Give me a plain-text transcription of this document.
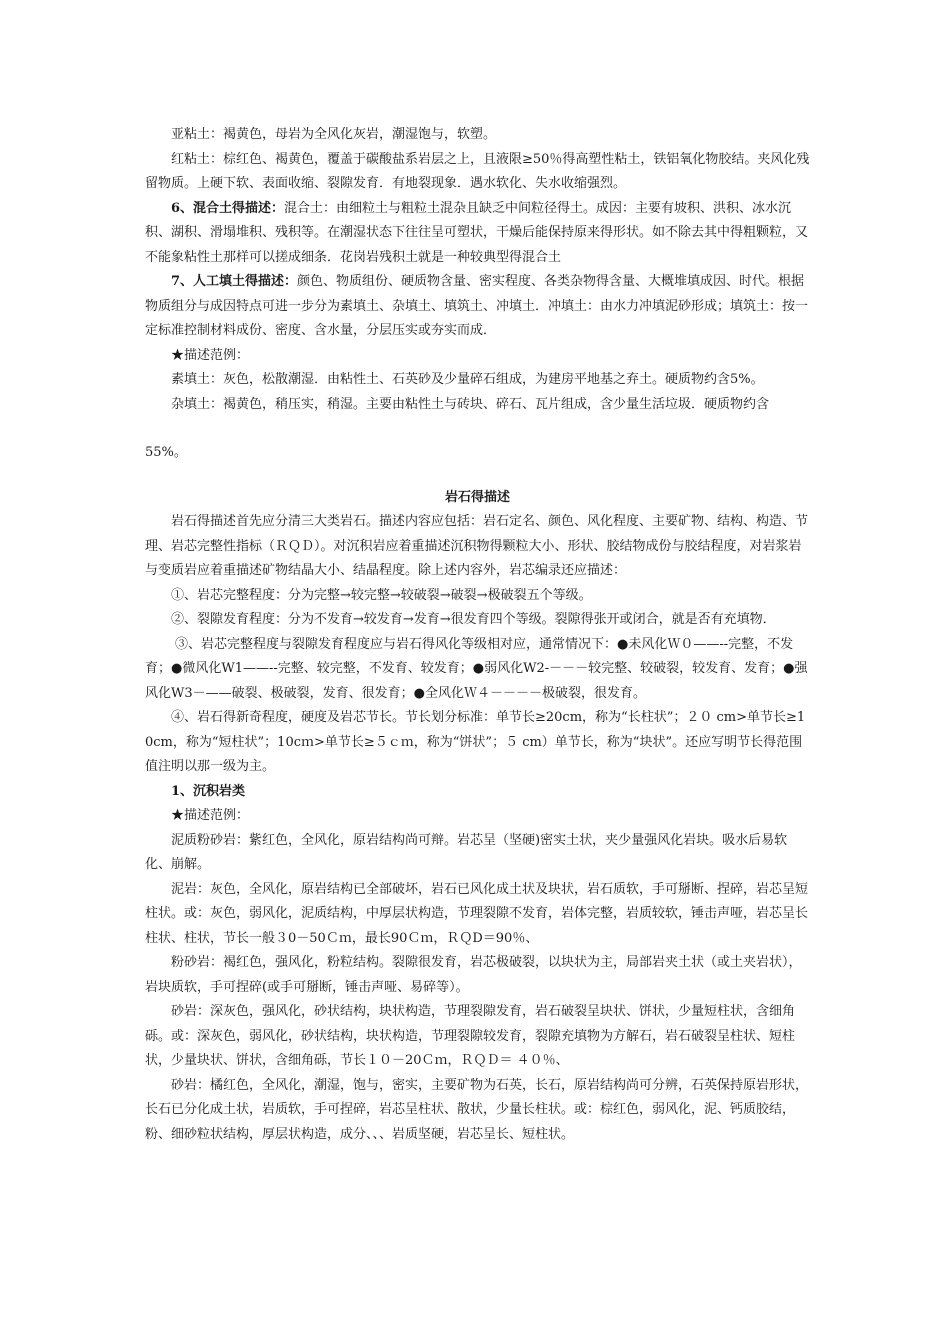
亚粘土：褐黄色，母岩为全风化灰岩，潮湿饱与，软塑。

红粘土：棕红色、褐黄色，覆盖于碳酸盐系岩层之上，且液限≥50％得高塑性粘土，铁铝氧化物胶结。夹风化残留物质。上硬下软、表面收缩、裂隙发育．有地裂现象．遇水软化、失水收缩强烈。

6、混合土得描述：混合土：由细粒土与粗粒土混杂且缺乏中间粒径得土。成因：主要有坡积、洪积、冰水沉积、湖积、滑塌堆积、残积等。在潮湿状态下往往呈可塑状，干燥后能保持原来得形状。如不除去其中得粗颗粒，又不能象粘性土那样可以搓成细条．花岗岩残积土就是一种较典型得混合土

7、人工填土得描述：颜色、物质组份、硬质物含量、密实程度、各类杂物得含量、大概堆填成因、时代。根据物质组分与成因特点可进一步分为素填土、杂填土、填筑土、冲填土．冲填土：由水力冲填泥砂形成；填筑土：按一定标准控制材料成份、密度、含水量，分层压实或夯实而成．

★描述范例：

素填土：灰色，松散潮湿．由粘性土、石英砂及少量碎石组成，为建房平地基之弃土。硬质物约含5%。

杂填土：褐黄色，稍压实，稍湿。主要由粘性土与砖块、碎石、瓦片组成，含少量生活垃圾．硬质物约含

55%。

岩石得描述

岩石得描述首先应分清三大类岩石。描述内容应包括：岩石定名、颜色、风化程度、主要矿物、结构、构造、节理、岩芯完整性指标（ＲＱＤ）。对沉积岩应着重描述沉积物得颗粒大小、形状、胶结物成份与胶结程度，对岩浆岩与变质岩应着重描述矿物结晶大小、结晶程度。除上述内容外，岩芯编录还应描述：

①、岩芯完整程度：分为完整→较完整→较破裂→破裂→极破裂五个等级。

②、裂隙发育程度：分为不发育→较发育→发育→很发育四个等级。裂隙得张开或闭合，就是否有充填物．

③、岩芯完整程度与裂隙发育程度应与岩石得风化等级相对应，通常情况下：●未风化Ｗ０——--完整，不发育；●微风化W1——--完整、较完整，不发育、较发育；●弱风化W2-－－－较完整、较破裂，较发育、发育；●强风化W3－——破裂、极破裂，发育、很发育；●全风化Ｗ４－－－－极破裂，很发育。

④、岩石得新奇程度，硬度及岩芯节长。节长划分标准：单节长≥20cm，称为“长柱状”；２０ cm>单节长≥10cm，称为“短柱状”；10cｍ>单节长≥５ｃｍ，称为“饼状”；５ cm）单节长，称为“块状”。还应写明节长得范围值注明以那一级为主。

1、沉积岩类

★描述范例：

泥质粉砂岩：紫红色，全风化，原岩结构尚可辩。岩芯呈（坚硬)密实土状，夹少量强风化岩块。吸水后易软化、崩解。

泥岩：灰色，全风化，原岩结构已全部破坏，岩石已风化成土状及块状，岩石质软，手可掰断、捏碎，岩芯呈短柱状。或：灰色，弱风化，泥质结构，中厚层状构造，节理裂隙不发育，岩体完整，岩质较软，锤击声哑，岩芯呈长柱状、柱状，节长一般３0－50Ｃｍ，最长90Ｃｍ，ＲＱD＝90％、

粉砂岩：褐红色，强风化，粉粒结构。裂隙很发育，岩芯极破裂，以块状为主，局部岩夹土状（或土夹岩状），岩块质软，手可捏碎(或手可掰断，锤击声哑、易碎等）。

砂岩：深灰色，强风化，砂状结构，块状构造，节理裂隙发育，岩石破裂呈块状、饼状，少量短柱状，含细角砾。或：深灰色，弱风化，砂状结构，块状构造，节理裂隙较发育，裂隙充填物为方解石，岩石破裂呈柱状、短柱状，少量块状、饼状，含细角砾，节长１０－20Ｃｍ，ＲＱＤ＝ ４０％、

砂岩：橘红色，全风化，潮湿，饱与，密实，主要矿物为石英，长石，原岩结构尚可分辨，石英保持原岩形状，长石已分化成土状，岩质软，手可捏碎，岩芯呈柱状、散状，少量长柱状。或：棕红色，弱风化，泥、钙质胶结，粉、细砂粒状结构，厚层状构造，成分、、、岩质坚硬，岩芯呈长、短柱状。
